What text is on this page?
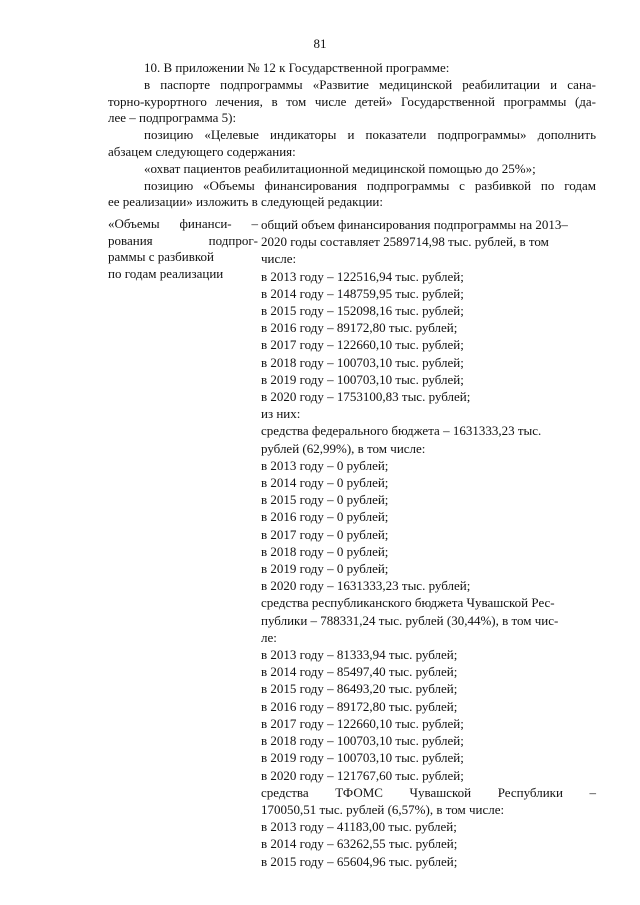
81

10. В приложении № 12 к Государственной программе:

в паспорте подпрограммы «Развитие медицинской реабилитации и сана-

торно-курортного лечения, в том числе детей» Государственной программы (да-

лее – подпрограмма 5):

позицию «Целевые индикаторы и показатели подпрограммы» дополнить

абзацем следующего содержания:

«охват пациентов реабилитационной медицинской помощью до 25%»;

позицию «Объемы финансирования подпрограммы с разбивкой по годам

ее реализации» изложить в следующей редакции:

«Объемы финанси- –
рования	подпрог-
раммы с разбивкой
по годам реализации
общий объем финансирования подпрограммы на 2013–
2020 годы составляет 2589714,98 тыс. рублей, в том
числе:
в 2013 году – 122516,94 тыс. рублей;
в 2014 году – 148759,95 тыс. рублей;
в 2015 году – 152098,16 тыс. рублей;
в 2016 году – 89172,80 тыс. рублей;
в 2017 году – 122660,10 тыс. рублей;
в 2018 году – 100703,10 тыс. рублей;
в 2019 году – 100703,10 тыс. рублей;
в 2020 году – 1753100,83 тыс. рублей;
из них:
средства федерального бюджета – 1631333,23 тыс.
рублей (62,99%), в том числе:
в 2013 году – 0 рублей;
в 2014 году – 0 рублей;
в 2015 году – 0 рублей;
в 2016 году – 0 рублей;
в 2017 году – 0 рублей;
в 2018 году – 0 рублей;
в 2019 году – 0 рублей;
в 2020 году – 1631333,23 тыс. рублей;
средства республиканского бюджета Чувашской Рес-
публики – 788331,24 тыс. рублей (30,44%), в том чис-
ле:
в 2013 году – 81333,94 тыс. рублей;
в 2014 году – 85497,40 тыс. рублей;
в 2015 году – 86493,20 тыс. рублей;
в 2016 году – 89172,80 тыс. рублей;
в 2017 году – 122660,10 тыс. рублей;
в 2018 году – 100703,10 тыс. рублей;
в 2019 году – 100703,10 тыс. рублей;
в 2020 году – 121767,60 тыс. рублей;
средства ТФОМС Чувашской Республики –
170050,51 тыс. рублей (6,57%), в том числе:
в 2013 году – 41183,00 тыс. рублей;
в 2014 году – 63262,55 тыс. рублей;
в 2015 году – 65604,96 тыс. рублей;
